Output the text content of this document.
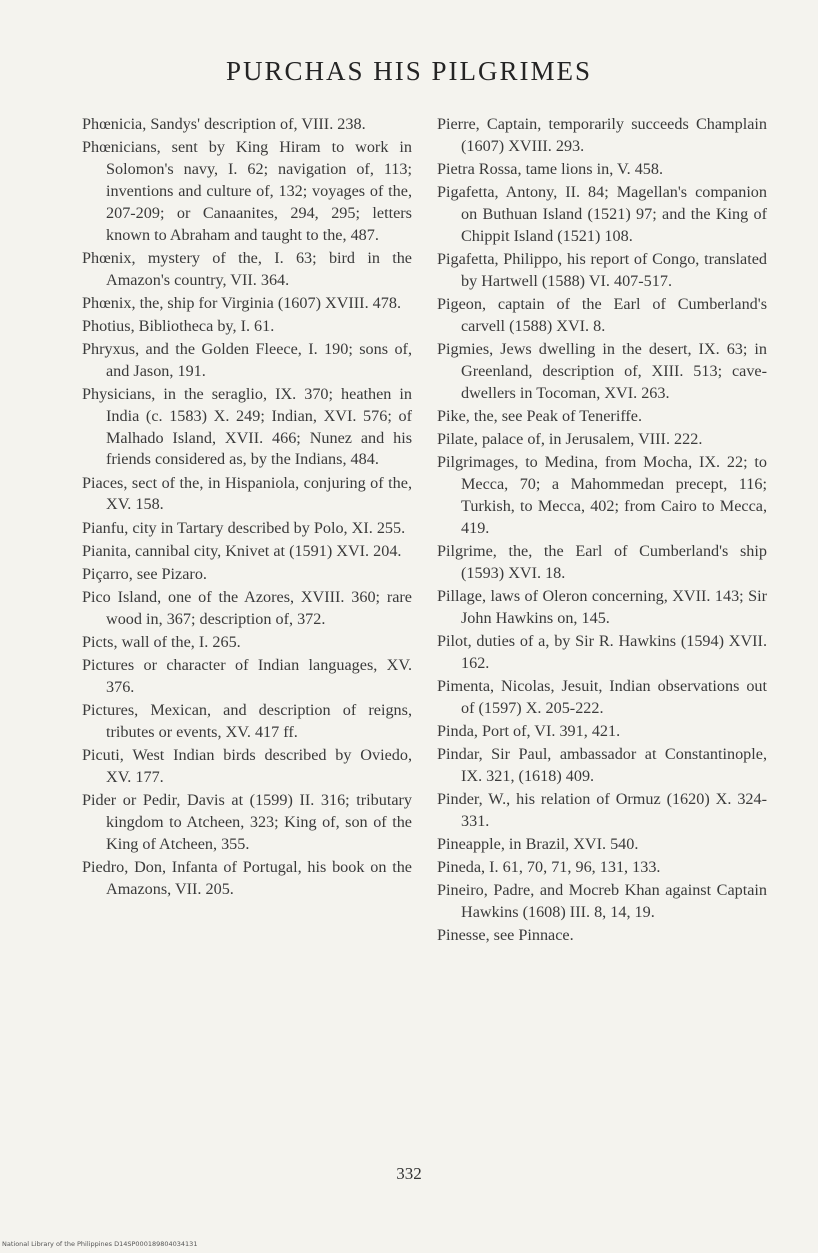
PURCHAS HIS PILGRIMES

Phœnicia, Sandys' description of, VIII. 238.

Phœnicians, sent by King Hiram to work in Solomon's navy, I. 62; navigation of, 113; inventions and culture of, 132; voyages of the, 207-209; or Canaanites, 294, 295; letters known to Abraham and taught to the, 487.

Phœnix, mystery of the, I. 63; bird in the Amazon's country, VII. 364.

Phœnix, the, ship for Virginia (1607) XVIII. 478.

Photius, Bibliotheca by, I. 61.

Phryxus, and the Golden Fleece, I. 190; sons of, and Jason, 191.

Physicians, in the seraglio, IX. 370; heathen in India (c. 1583) X. 249; Indian, XVI. 576; of Malhado Island, XVII. 466; Nunez and his friends considered as, by the Indians, 484.

Piaces, sect of the, in Hispaniola, conjuring of the, XV. 158.

Pianfu, city in Tartary described by Polo, XI. 255.

Pianita, cannibal city, Knivet at (1591) XVI. 204.

Piçarro, see Pizaro.

Pico Island, one of the Azores, XVIII. 360; rare wood in, 367; description of, 372.

Picts, wall of the, I. 265.

Pictures or character of Indian languages, XV. 376.

Pictures, Mexican, and description of reigns, tributes or events, XV. 417 ff.

Picuti, West Indian birds described by Oviedo, XV. 177.

Pider or Pedir, Davis at (1599) II. 316; tributary kingdom to Atcheen, 323; King of, son of the King of Atcheen, 355.

Piedro, Don, Infanta of Portugal, his book on the Amazons, VII. 205.

Pierre, Captain, temporarily succeeds Champlain (1607) XVIII. 293.

Pietra Rossa, tame lions in, V. 458.

Pigafetta, Antony, II. 84; Magellan's companion on Buthuan Island (1521) 97; and the King of Chippit Island (1521) 108.

Pigafetta, Philippo, his report of Congo, translated by Hartwell (1588) VI. 407-517.

Pigeon, captain of the Earl of Cumberland's carvell (1588) XVI. 8.

Pigmies, Jews dwelling in the desert, IX. 63; in Greenland, description of, XIII. 513; cave-dwellers in Tocoman, XVI. 263.

Pike, the, see Peak of Teneriffe.

Pilate, palace of, in Jerusalem, VIII. 222.

Pilgrimages, to Medina, from Mocha, IX. 22; to Mecca, 70; a Mahommedan precept, 116; Turkish, to Mecca, 402; from Cairo to Mecca, 419.

Pilgrime, the, the Earl of Cumberland's ship (1593) XVI. 18.

Pillage, laws of Oleron concerning, XVII. 143; Sir John Hawkins on, 145.

Pilot, duties of a, by Sir R. Hawkins (1594) XVII. 162.

Pimenta, Nicolas, Jesuit, Indian observations out of (1597) X. 205-222.

Pinda, Port of, VI. 391, 421.

Pindar, Sir Paul, ambassador at Constantinople, IX. 321, (1618) 409.

Pinder, W., his relation of Ormuz (1620) X. 324-331.

Pineapple, in Brazil, XVI. 540.

Pineda, I. 61, 70, 71, 96, 131, 133.

Pineiro, Padre, and Mocreb Khan against Captain Hawkins (1608) III. 8, 14, 19.

Pinesse, see Pinnace.

332
National Library of the Philippines D14SP000189804034131
